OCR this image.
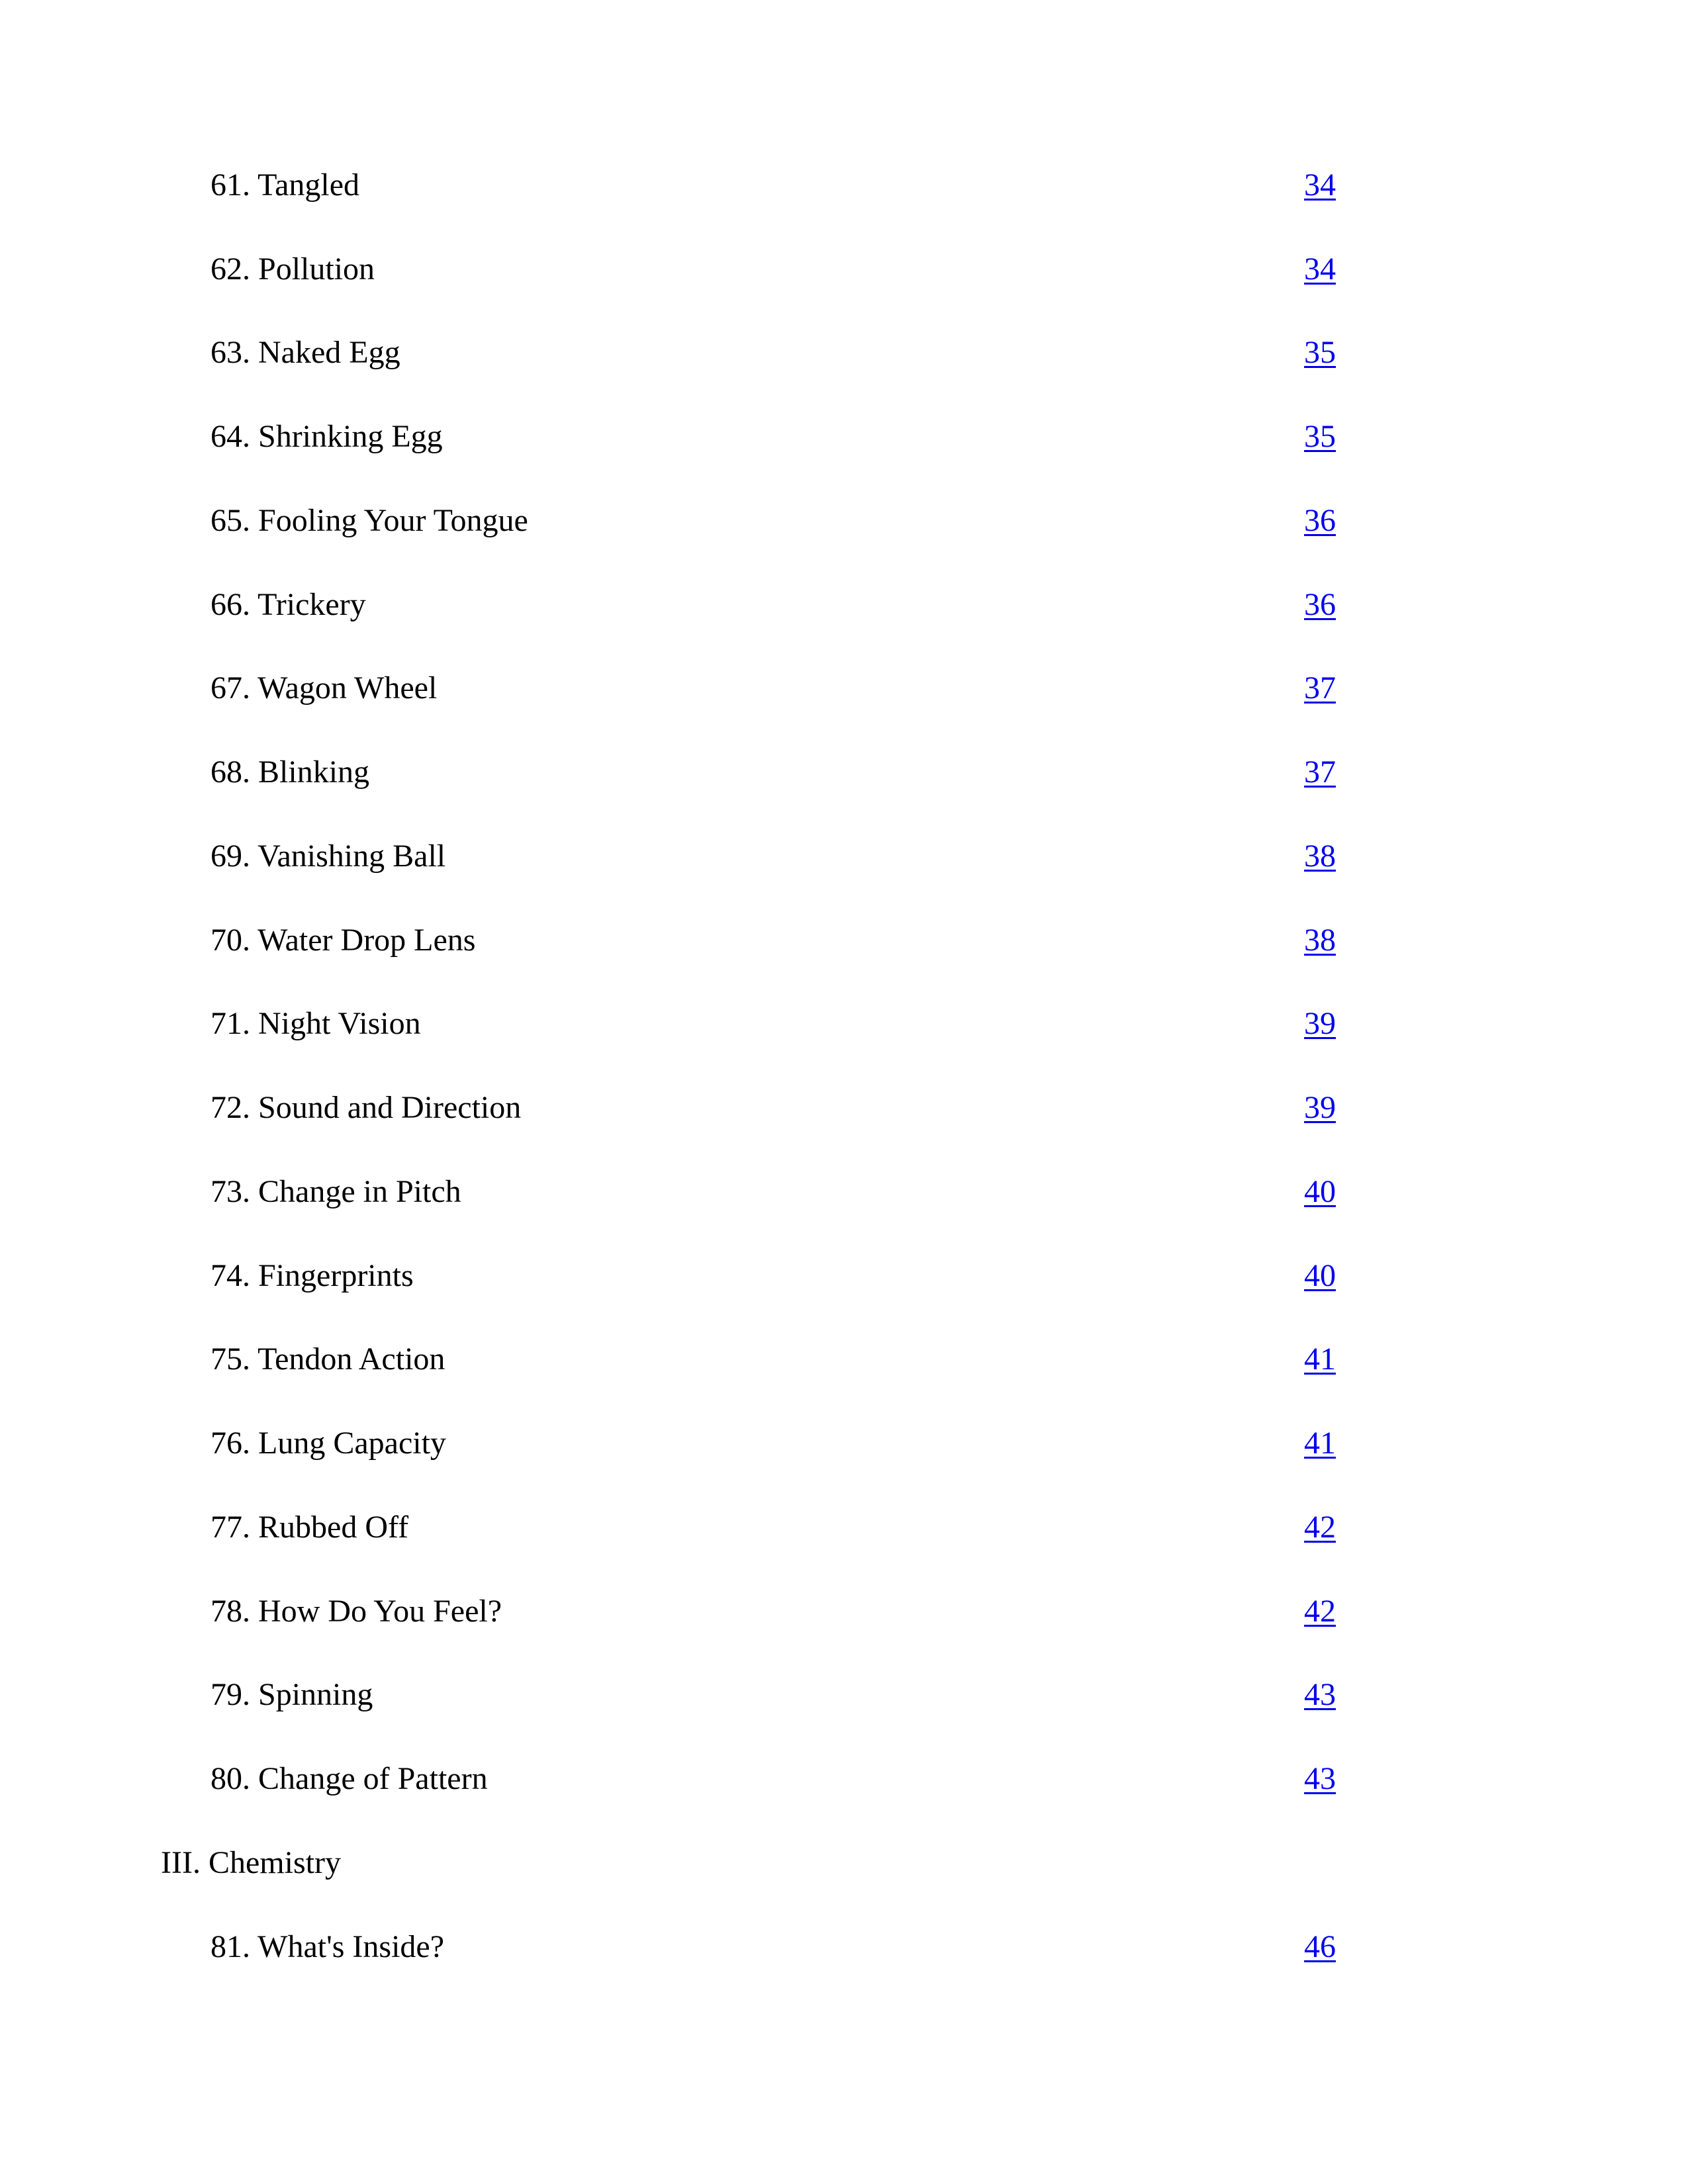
61. Tangled	34
62. Pollution	34
63. Naked Egg	35
64. Shrinking Egg	35
65. Fooling Your Tongue	36
66. Trickery	36
67. Wagon Wheel	37
68. Blinking	37
69. Vanishing Ball	38
70. Water Drop Lens	38
71. Night Vision	39
72. Sound and Direction	39
73. Change in Pitch	40
74. Fingerprints	40
75. Tendon Action	41
76. Lung Capacity	41
77. Rubbed Off	42
78. How Do You Feel?	42
79. Spinning	43
80. Change of Pattern	43
III. Chemistry
81. What's Inside?	46
